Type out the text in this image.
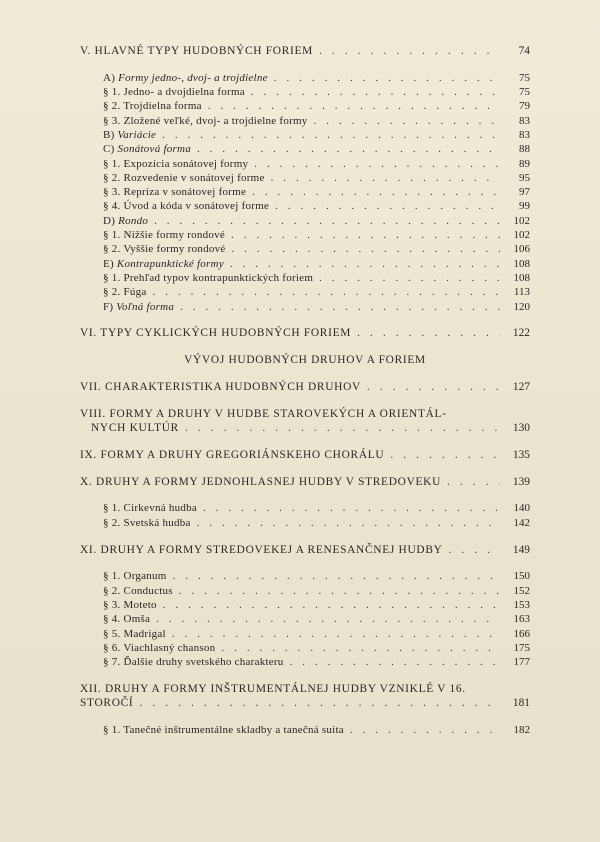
V. HLAVNÉ TYPY HUDOBNÝCH FORIEM . . .	74
A) Formy jedno-, dvoj- a trojdielne . . .	75
§ 1. Jedno- a dvojdielna forma . . .	75
§ 2. Trojdielna forma . . .	79
§ 3. Zložené veľké, dvoj- a trojdielne formy . . .	83
B) Variácie . . .	83
C) Sonátová forma . . .	88
§ 1. Expozícia sonátovej formy . . .	89
§ 2. Rozvedenie v sonátovej forme . . .	95
§ 3. Repríza v sonátovej forme . . .	97
§ 4. Úvod a kóda v sonátovej forme . . .	99
D) Rondo . . .	102
§ 1. Nižšie formy rondové . . .	102
§ 2. Vyššie formy rondové . . .	106
E) Kontrapunktické formy . . .	108
§ 1. Prehľad typov kontrapunktických foriem . . .	108
§ 2. Fúga . . .	113
F) Voľná forma . . .	120
VI. TYPY CYKLICKÝCH HUDOBNÝCH FORIEM . . .	122

VÝVOJ HUDOBNÝCH DRUHOV A FORIEM

VII. CHARAKTERISTIKA HUDOBNÝCH DRUHOV . . .	127
VIII. FORMY A DRUHY V HUDBE STAROVEKÝCH A ORIENTÁL-
NYCH KULTÚR . . .	130
IX. FORMY A DRUHY GREGORIÁNSKEHO CHORÁLU . . .	135
X. DRUHY A FORMY JEDNOHLASNEJ HUDBY V STREDOVEKU . . .	139
§ 1. Cirkevná hudba . . .	140
§ 2. Svetská hudba . . .	142
XI. DRUHY A FORMY STREDOVEKEJ A RENESANČNEJ HUDBY . . .	149
§ 1. Organum . . .	150
§ 2. Conductus . . .	152
§ 3. Moteto . . .	153
§ 4. Omša . . .	163
§ 5. Madrigal . . .	166
§ 6. Viachlasný chanson . . .	175
§ 7. Ďalšie druhy svetského charakteru . . .	177
XII. DRUHY A FORMY INŠTRUMENTÁLNEJ HUDBY VZNIKLÉ V 16.
STOROČÍ . . .	181
§ 1. Tanečné inštrumentálne skladby a tanečná suita . . .	182
